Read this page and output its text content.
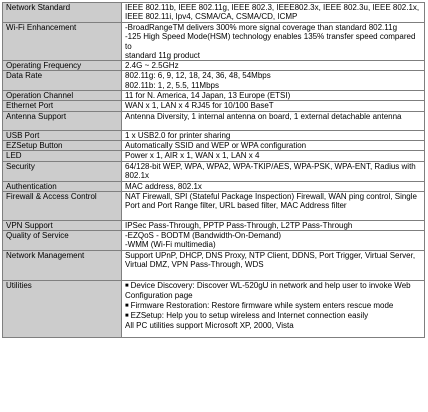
Network Standard	IEEE 802.11b, IEEE 802.11g, IEEE 802.3, IEEE802.3x, IEEE 802.3u, IEEE 802.1x, IEEE 802.11i, Ipv4, CSMA/CA, CSMA/CD, ICMP

Wi-Fi Enhancement	-BroadRangeTM delivers 300% more signal coverage than standard 802.11g
-125 High Speed Mode(HSM) technology enables 135% transfer speed compared to
standard 11g product

Operating Frequency	2.4G ~ 2.5GHz

Data Rate	802.11g: 6, 9, 12, 18, 24, 36, 48, 54Mbps
802.11b: 1, 2, 5.5, 11Mbps

Operation Channel	11 for N. America, 14 Japan, 13 Europe (ETSI)

Ethernet Port	WAN x 1, LAN x 4 RJ45 for 10/100 BaseT

Antenna Support	Antenna Diversity, 1 internal antenna on board, 1 external detachable antenna

USB Port	1 x USB2.0 for printer sharing

EZSetup Button	Automatically SSID and WEP or WPA configuration

LED	Power x 1, AIR x 1, WAN x 1, LAN x 4

Security	64/128-bit WEP, WPA, WPA2, WPA-TKIP/AES, WPA-PSK, WPA-ENT, Radius with 802.1x

Authentication	MAC address, 802.1x

Firewall & Access Control	NAT Firewall, SPI (Stateful Package Inspection) Firewall, WAN ping control, Single Port and Port Range filter, URL based filter, MAC Address filter

VPN Support	IPSec Pass-Through, PPTP Pass-Through, L2TP Pass-Through

Quality of Service	-EZQoS - BODTM (Bandwidth-On-Demand)
-WMM (Wi-Fi multimedia)

Network Management	Support UPnP, DHCP, DNS Proxy, NTP Client, DDNS, Port Trigger, Virtual Server,
Virtual DMZ, VPN Pass-Through, WDS

Utilities	■ Device Discovery: Discover WL-520gU in network and help user to invoke Web Configuration page
■ Firmware Restoration: Restore firmware while system enters rescue mode
■ EZSetup: Help you to setup wireless and Internet connection easily
All PC utilities support Microsoft XP, 2000, Vista
